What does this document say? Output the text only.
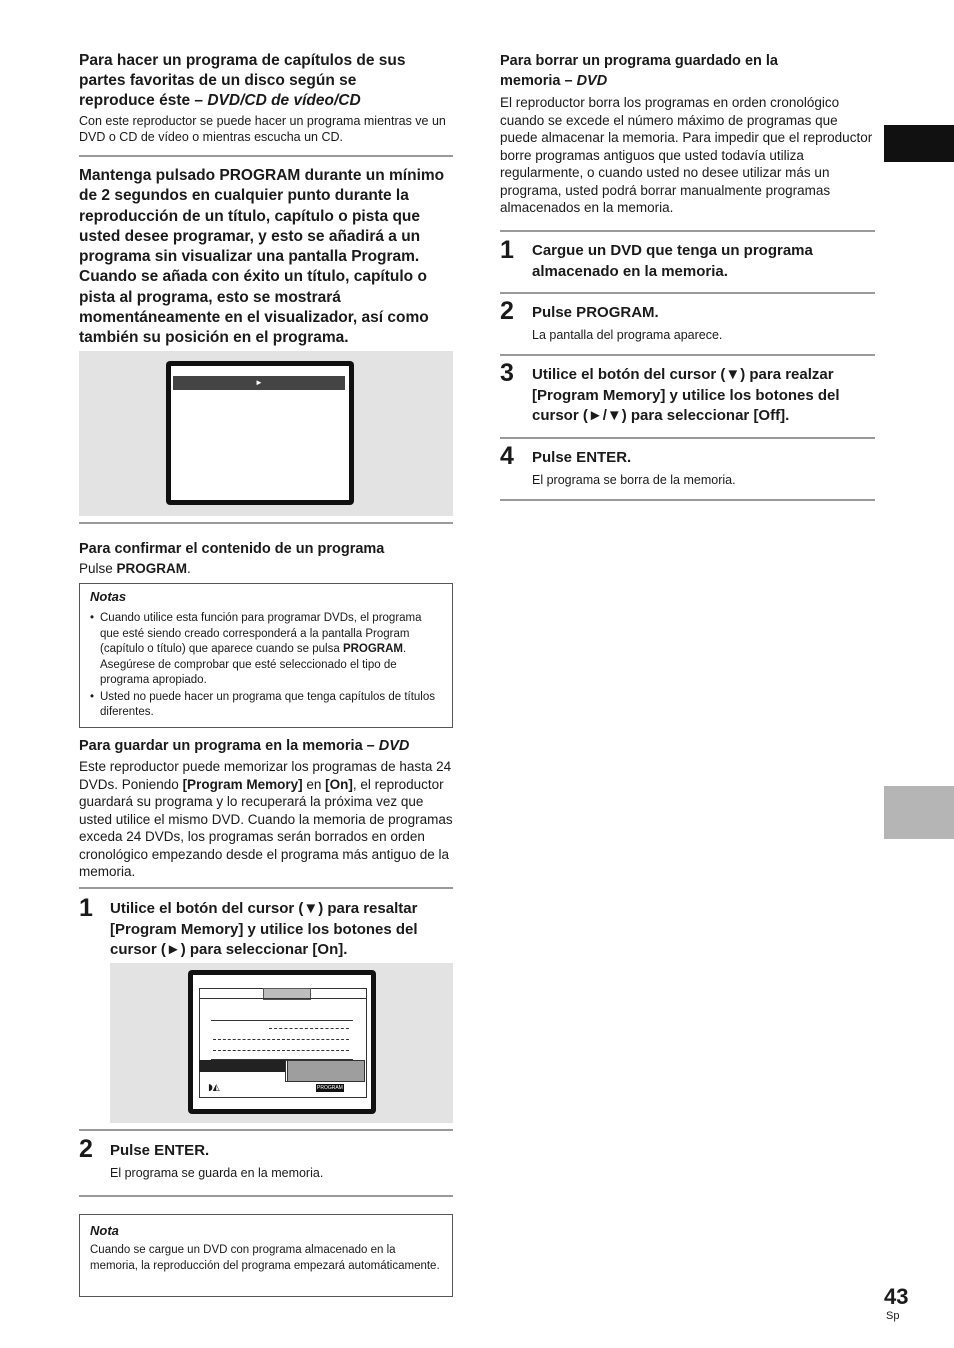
Para hacer un programa de capítulos de sus
partes favoritas de un disco según se
reproduce éste – DVD/CD de vídeo/CD
Con este reproductor se puede hacer un programa mientras ve un DVD o CD de vídeo o mientras escucha un CD.
Mantenga pulsado PROGRAM durante un mínimo de 2 segundos en cualquier punto durante la reproducción de un título, capítulo o pista que usted desee programar, y esto se añadirá a un programa sin visualizar una pantalla Program. Cuando se añada con éxito un título, capítulo o pista al programa, esto se mostrará momentáneamente en el visualizador, así como también su posición en el programa.
►
Para confirmar el contenido de un programa
Pulse PROGRAM.
Notas
• Cuando utilice esta función para programar DVDs, el programa que esté siendo creado corresponderá a la pantalla Program (capítulo o título) que aparece cuando se pulsa PROGRAM. Asegúrese de comprobar que esté seleccionado el tipo de programa apropiado.
• Usted no puede hacer un programa que tenga capítulos de títulos diferentes.
Para guardar un programa en la memoria – DVD
Este reproductor puede memorizar los programas de hasta 24 DVDs. Poniendo [Program Memory] en [On], el reproductor guardará su programa y lo recuperará la próxima vez que usted utilice el mismo DVD. Cuando la memoria de programas exceda 24 DVDs, los programas serán borrados en orden cronológico empezando desde el programa más antiguo de la memoria.
1 Utilice el botón del cursor (▼) para resaltar [Program Memory] y utilice los botones del cursor (►) para seleccionar [On].
◗◭	PROGRAM
2 Pulse ENTER.
El programa se guarda en la memoria.
Nota
Cuando se cargue un DVD con programa almacenado en la memoria, la reproducción del programa empezará automáticamente.
Para borrar un programa guardado en la
memoria – DVD
El reproductor borra los programas en orden cronológico cuando se excede el número máximo de programas que puede almacenar la memoria. Para impedir que el reproductor borre programas antiguos que usted todavía utiliza regularmente, o cuando usted no desee utilizar más un programa, usted podrá borrar manualmente programas almacenados en la memoria.
1 Cargue un DVD que tenga un programa almacenado en la memoria.
2 Pulse PROGRAM.
La pantalla del programa aparece.
3 Utilice el botón del cursor (▼) para realzar [Program Memory] y utilice los botones del cursor (►/▼) para seleccionar [Off].
4 Pulse ENTER.
El programa se borra de la memoria.
43
Sp
